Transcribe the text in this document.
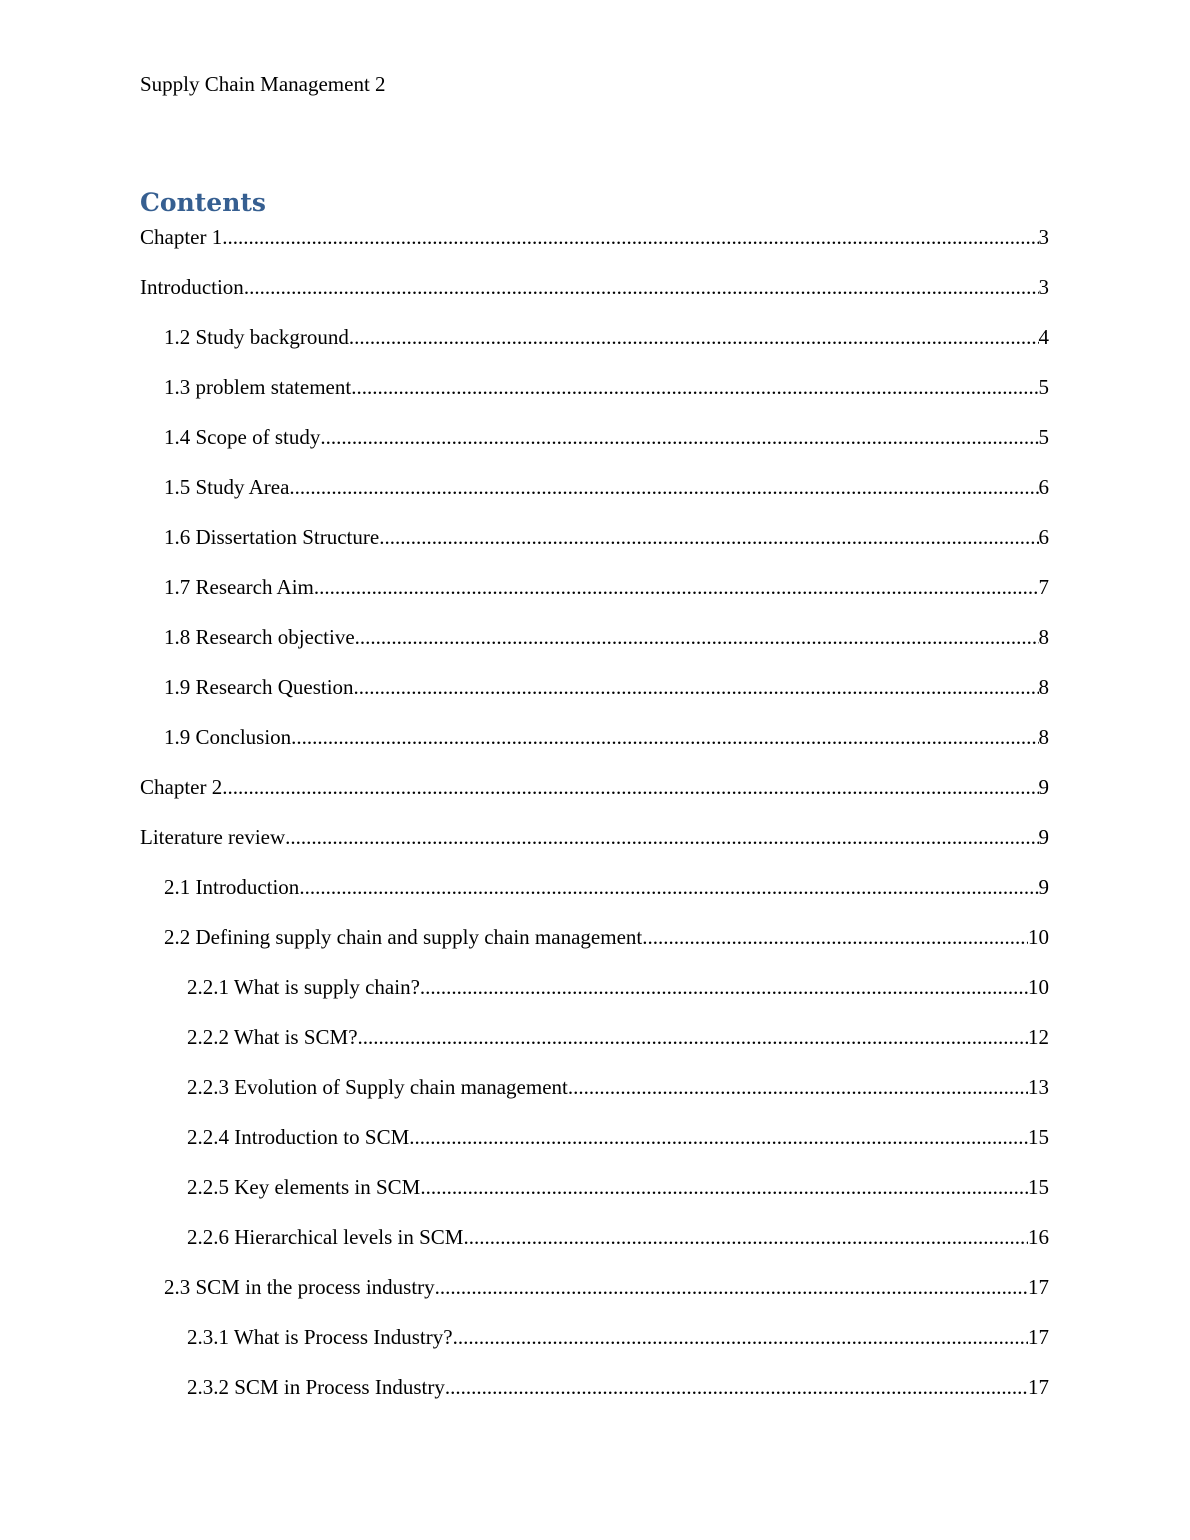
Supply Chain Management 2
Contents
Chapter 1 .....	3
Introduction .....	3
1.2 Study background .....	4
1.3 problem statement .....	5
1.4 Scope of study .....	5
1.5 Study Area .....	6
1.6 Dissertation Structure .....	6
1.7 Research Aim .....	7
1.8 Research objective .....	8
1.9 Research Question .....	8
1.9 Conclusion .....	8
Chapter 2 .....	9
Literature review .....	9
2.1 Introduction .....	9
2.2 Defining supply chain and supply chain management .....	10
2.2.1 What is supply chain? .....	10
2.2.2 What is SCM? .....	12
2.2.3 Evolution of Supply chain management .....	13
2.2.4 Introduction to SCM .....	15
2.2.5 Key elements in SCM .....	15
2.2.6 Hierarchical levels in SCM .....	16
2.3 SCM in the process industry .....	17
2.3.1 What is Process Industry? .....	17
2.3.2 SCM in Process Industry .....	17
